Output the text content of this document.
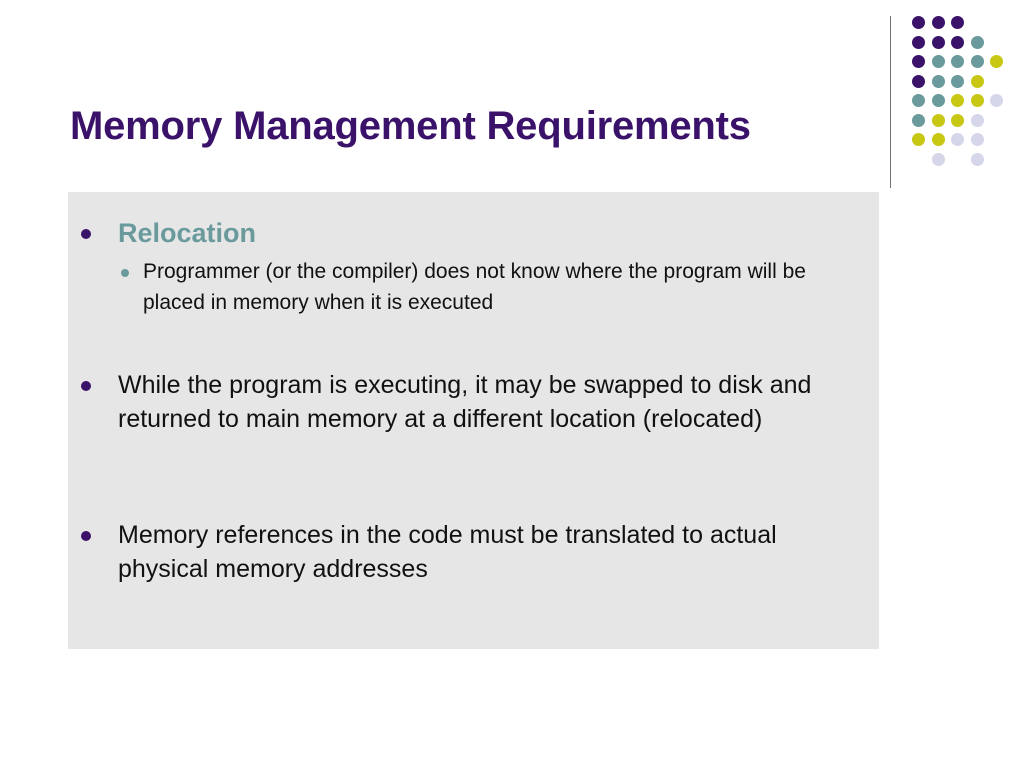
Memory Management Requirements
Relocation
Programmer (or the compiler) does not know where the program will be placed in memory when it is executed
While the program is executing, it may be swapped to disk and returned to main memory at a different location (relocated)
Memory references in the code must be translated to actual physical memory addresses
